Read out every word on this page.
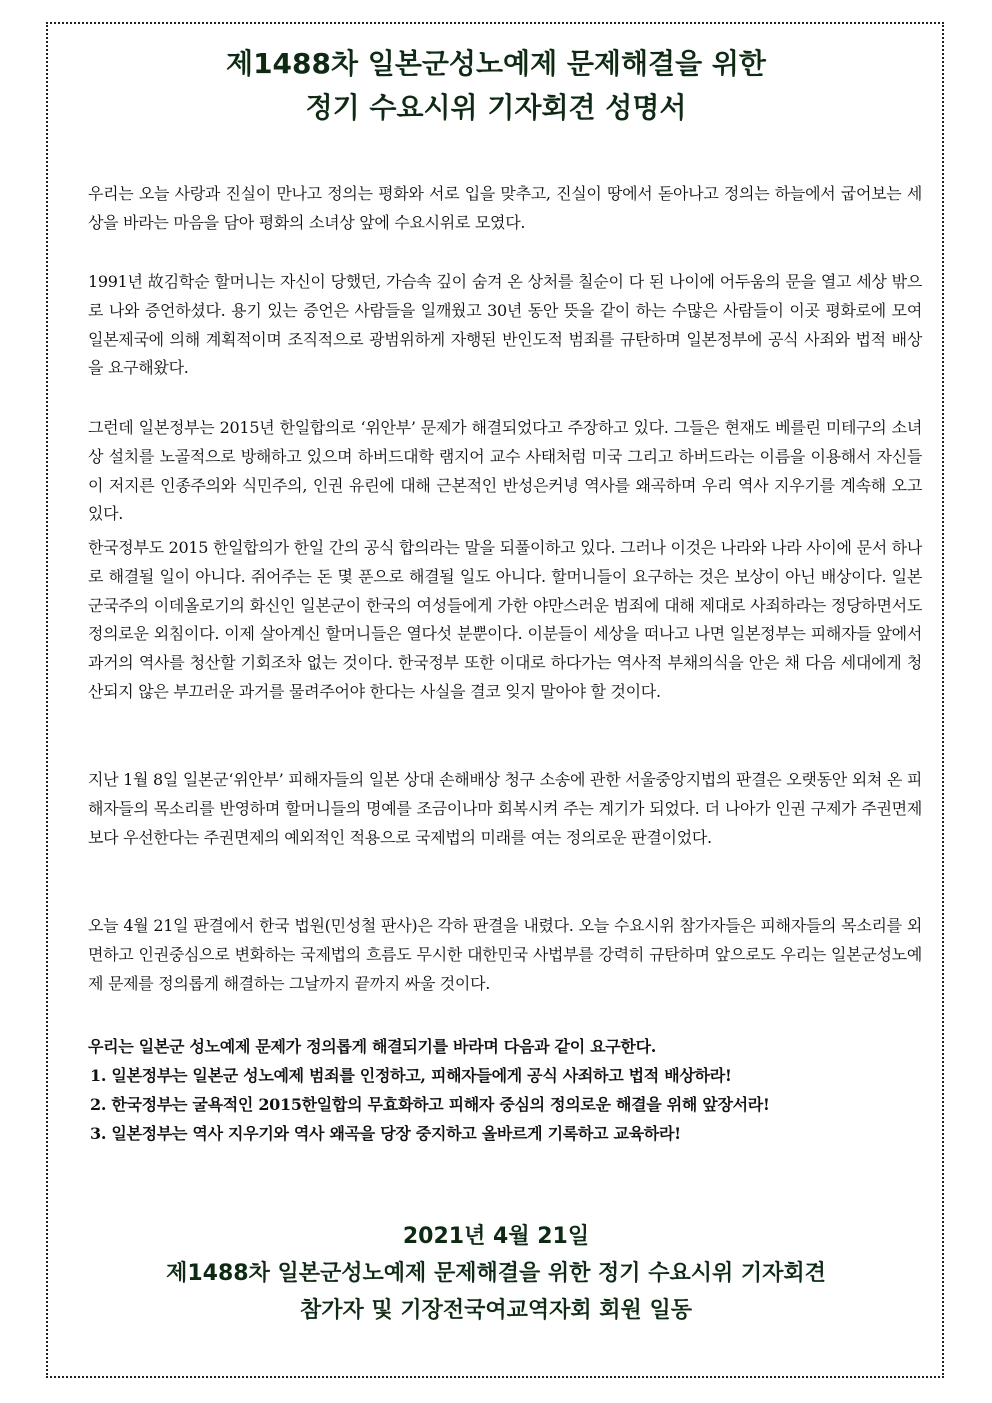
제1488차 일본군성노예제 문제해결을 위한
정기 수요시위 기자회견 성명서

우리는 오늘 사랑과 진실이 만나고 정의는 평화와 서로 입을 맞추고, 진실이 땅에서 돋아나고 정의는 하늘에서 굽어보는 세상을 바라는 마음을 담아 평화의 소녀상 앞에 수요시위로 모였다.

1991년 故김학순 할머니는 자신이 당했던, 가슴속 깊이 숨겨 온 상처를 칠순이 다 된 나이에 어두움의 문을 열고 세상 밖으로 나와 증언하셨다. 용기 있는 증언은 사람들을 일깨웠고 30년 동안 뜻을 같이 하는 수많은 사람들이 이곳 평화로에 모여 일본제국에 의해 계획적이며 조직적으로 광범위하게 자행된 반인도적 범죄를 규탄하며 일본정부에 공식 사죄와 법적 배상을 요구해왔다.

그런데 일본정부는 2015년 한일합의로 ‘위안부’ 문제가 해결되었다고 주장하고 있다. 그들은 현재도 베를린 미테구의 소녀상 설치를 노골적으로 방해하고 있으며 하버드대학 램지어 교수 사태처럼 미국 그리고 하버드라는 이름을 이용해서 자신들이 저지른 인종주의와 식민주의, 인권 유린에 대해 근본적인 반성은커녕 역사를 왜곡하며 우리 역사 지우기를 계속해 오고 있다.

한국정부도 2015 한일합의가 한일 간의 공식 합의라는 말을 되풀이하고 있다. 그러나 이것은 나라와 나라 사이에 문서 하나로 해결될 일이 아니다. 쥐어주는 돈 몇 푼으로 해결될 일도 아니다. 할머니들이 요구하는 것은 보상이 아닌 배상이다. 일본 군국주의 이데올로기의 화신인 일본군이 한국의 여성들에게 가한 야만스러운 범죄에 대해 제대로 사죄하라는 정당하면서도 정의로운 외침이다. 이제 살아계신 할머니들은 열다섯 분뿐이다. 이분들이 세상을 떠나고 나면 일본정부는 피해자들 앞에서 과거의 역사를 청산할 기회조차 없는 것이다. 한국정부 또한 이대로 하다가는 역사적 부채의식을 안은 채 다음 세대에게 청산되지 않은 부끄러운 과거를 물려주어야 한다는 사실을 결코 잊지 말아야 할 것이다.

지난 1월 8일 일본군‘위안부’ 피해자들의 일본 상대 손해배상 청구 소송에 관한 서울중앙지법의 판결은 오랫동안 외쳐 온 피해자들의 목소리를 반영하며 할머니들의 명예를 조금이나마 회복시켜 주는 계기가 되었다. 더 나아가 인권 구제가 주권면제보다 우선한다는 주권면제의 예외적인 적용으로 국제법의 미래를 여는 정의로운 판결이었다.

오늘 4월 21일 판결에서 한국 법원(민성철 판사)은 각하 판결을 내렸다. 오늘 수요시위 참가자들은 피해자들의 목소리를 외면하고 인권중심으로 변화하는 국제법의 흐름도 무시한 대한민국 사법부를 강력히 규탄하며 앞으로도 우리는 일본군성노예제 문제를 정의롭게 해결하는 그날까지 끝까지 싸울 것이다.

우리는 일본군 성노예제 문제가 정의롭게 해결되기를 바라며 다음과 같이 요구한다.
1. 일본정부는 일본군 성노예제 범죄를 인정하고, 피해자들에게 공식 사죄하고 법적 배상하라!
2. 한국정부는 굴욕적인 2015한일합의 무효화하고 피해자 중심의 정의로운 해결을 위해 앞장서라!
3. 일본정부는 역사 지우기와 역사 왜곡을 당장 중지하고 올바르게 기록하고 교육하라!
2021년 4월 21일
제1488차 일본군성노예제 문제해결을 위한 정기 수요시위 기자회견
참가자 및 기장전국여교역자회 회원 일동
